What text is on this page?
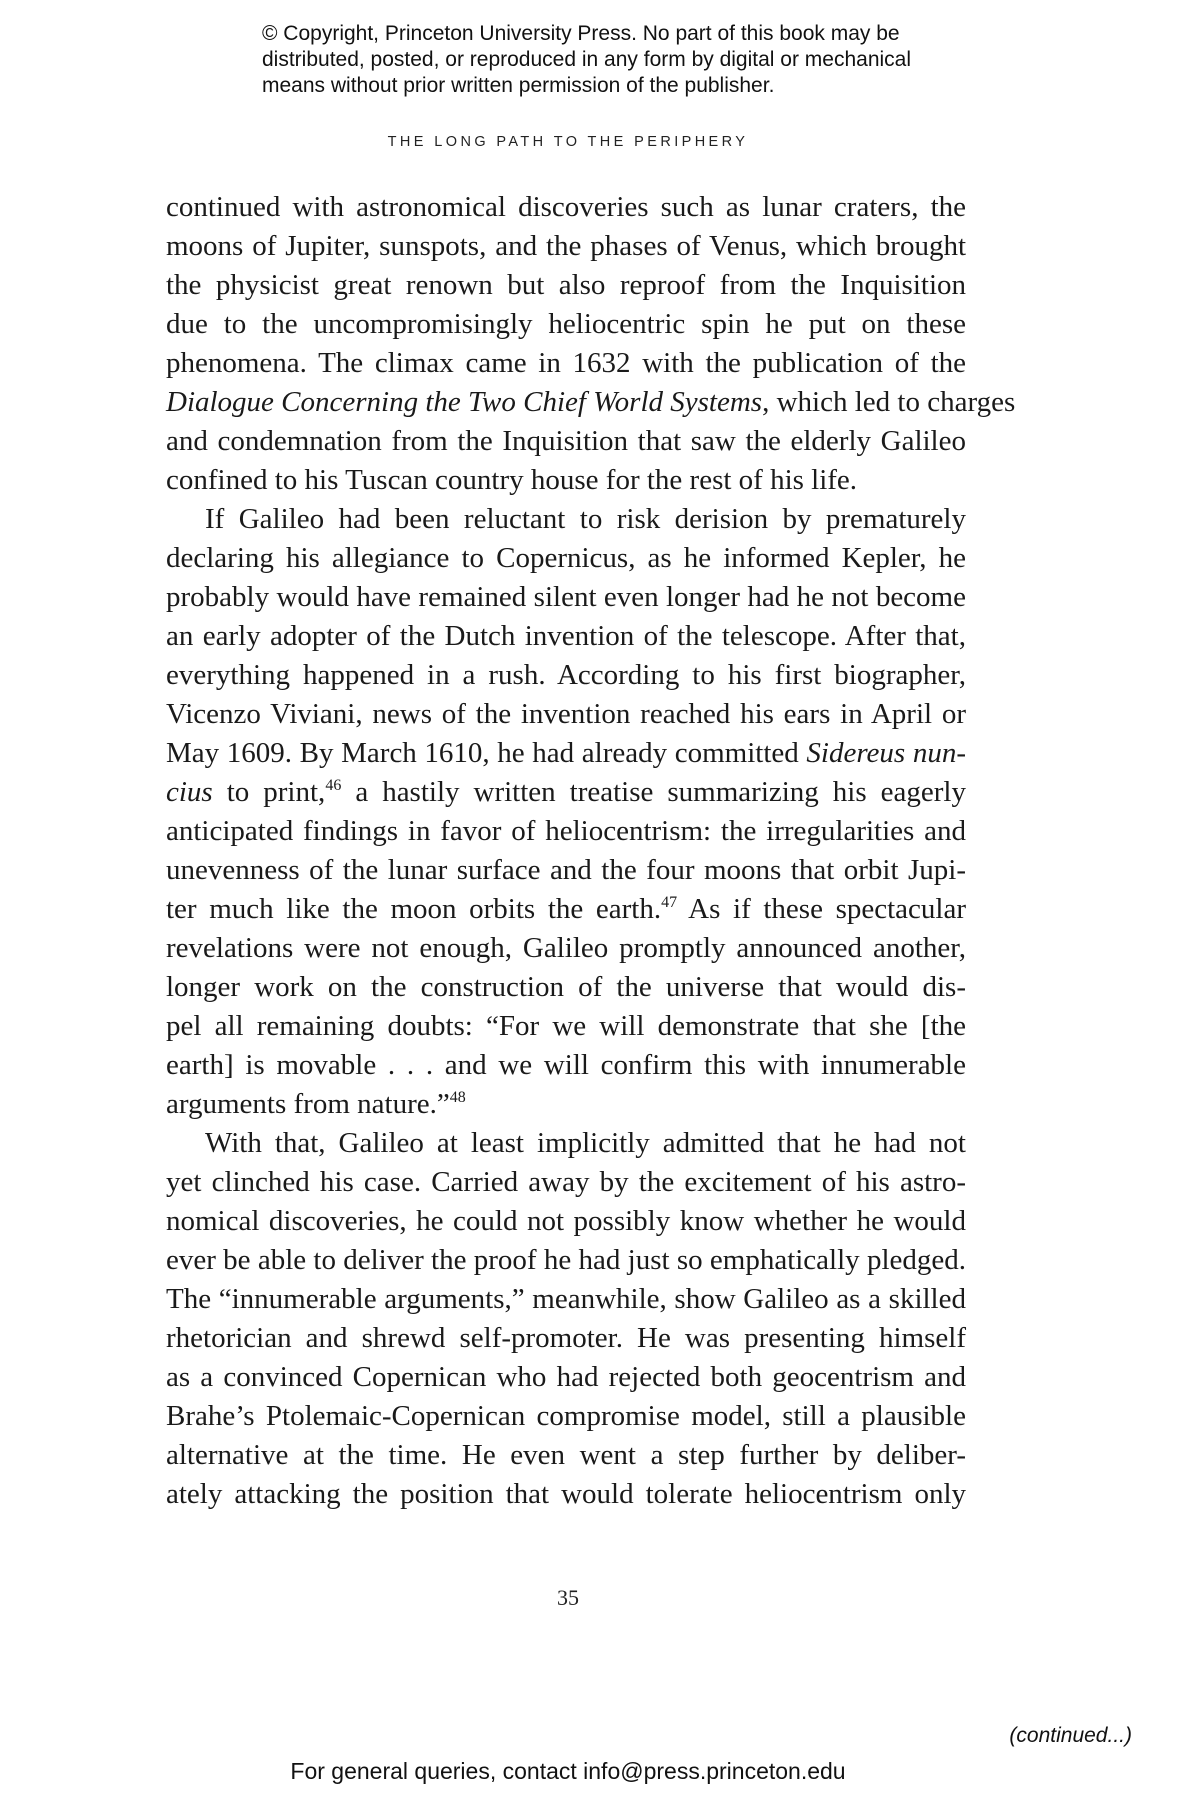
© Copyright, Princeton University Press. No part of this book may be
distributed, posted, or reproduced in any form by digital or mechanical
means without prior written permission of the publisher.
THE LONG PATH TO THE PERIPHERY
continued with astronomical discoveries such as lunar craters, the
moons of Jupiter, sunspots, and the phases of Venus, which brought
the physicist great renown but also reproof from the Inquisition
due to the uncompromisingly heliocentric spin he put on these
phenomena. The climax came in 1632 with the publication of the
Dialogue Concerning the Two Chief World Systems, which led to charges
and condemnation from the Inquisition that saw the elderly Galileo
confined to his Tuscan country house for the rest of his life.
If Galileo had been reluctant to risk derision by prematurely
declaring his allegiance to Copernicus, as he informed Kepler, he
probably would have remained silent even longer had he not become
an early adopter of the Dutch invention of the telescope. After that,
everything happened in a rush. According to his first biographer,
Vicenzo Viviani, news of the invention reached his ears in April or
May 1609. By March 1610, he had already committed Sidereus nun-
cius to print,$^{46}$ a hastily written treatise summarizing his eagerly
anticipated findings in favor of heliocentrism: the irregularities and
unevenness of the lunar surface and the four moons that orbit Jupi-
ter much like the moon orbits the earth.$^{47}$ As if these spectacular
revelations were not enough, Galileo promptly announced another,
longer work on the construction of the universe that would dis-
pel all remaining doubts: “For we will demonstrate that she [the
earth] is movable . . . and we will confirm this with innumerable
arguments from nature.”$^{48}$
With that, Galileo at least implicitly admitted that he had not
yet clinched his case. Carried away by the excitement of his astro-
nomical discoveries, he could not possibly know whether he would
ever be able to deliver the proof he had just so emphatically pledged.
The “innumerable arguments,” meanwhile, show Galileo as a skilled
rhetorician and shrewd self-promoter. He was presenting himself
as a convinced Copernican who had rejected both geocentrism and
Brahe’s Ptolemaic-Copernican compromise model, still a plausible
alternative at the time. He even went a step further by deliber-
ately attacking the position that would tolerate heliocentrism only
35
(continued...)
For general queries, contact info@press.princeton.edu
